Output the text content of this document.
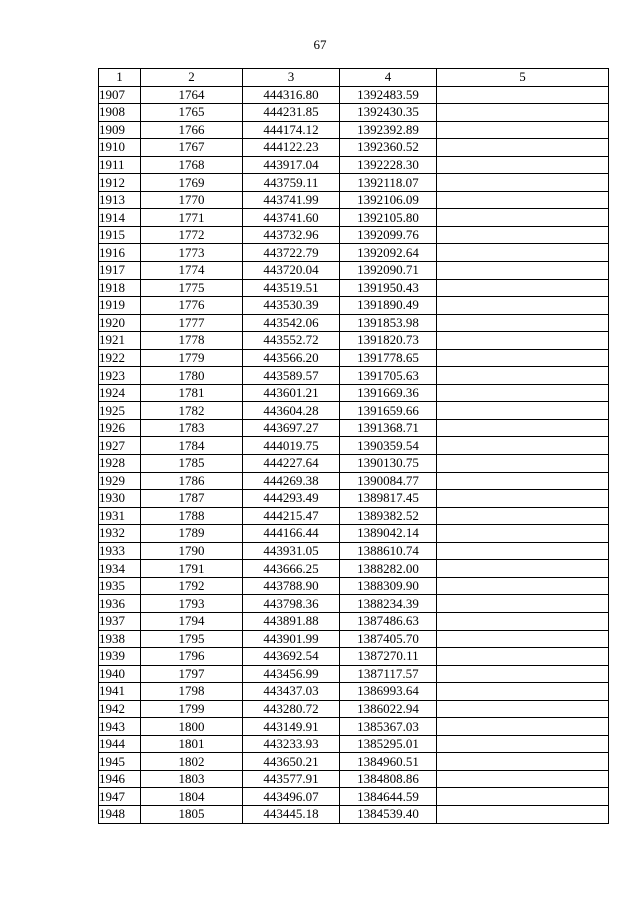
67
1	2	3	4	5
1907	1764	444316.80	1392483.59	
1908	1765	444231.85	1392430.35	
1909	1766	444174.12	1392392.89	
1910	1767	444122.23	1392360.52	
1911	1768	443917.04	1392228.30	
1912	1769	443759.11	1392118.07	
1913	1770	443741.99	1392106.09	
1914	1771	443741.60	1392105.80	
1915	1772	443732.96	1392099.76	
1916	1773	443722.79	1392092.64	
1917	1774	443720.04	1392090.71	
1918	1775	443519.51	1391950.43	
1919	1776	443530.39	1391890.49	
1920	1777	443542.06	1391853.98	
1921	1778	443552.72	1391820.73	
1922	1779	443566.20	1391778.65	
1923	1780	443589.57	1391705.63	
1924	1781	443601.21	1391669.36	
1925	1782	443604.28	1391659.66	
1926	1783	443697.27	1391368.71	
1927	1784	444019.75	1390359.54	
1928	1785	444227.64	1390130.75	
1929	1786	444269.38	1390084.77	
1930	1787	444293.49	1389817.45	
1931	1788	444215.47	1389382.52	
1932	1789	444166.44	1389042.14	
1933	1790	443931.05	1388610.74	
1934	1791	443666.25	1388282.00	
1935	1792	443788.90	1388309.90	
1936	1793	443798.36	1388234.39	
1937	1794	443891.88	1387486.63	
1938	1795	443901.99	1387405.70	
1939	1796	443692.54	1387270.11	
1940	1797	443456.99	1387117.57	
1941	1798	443437.03	1386993.64	
1942	1799	443280.72	1386022.94	
1943	1800	443149.91	1385367.03	
1944	1801	443233.93	1385295.01	
1945	1802	443650.21	1384960.51	
1946	1803	443577.91	1384808.86	
1947	1804	443496.07	1384644.59	
1948	1805	443445.18	1384539.40	
